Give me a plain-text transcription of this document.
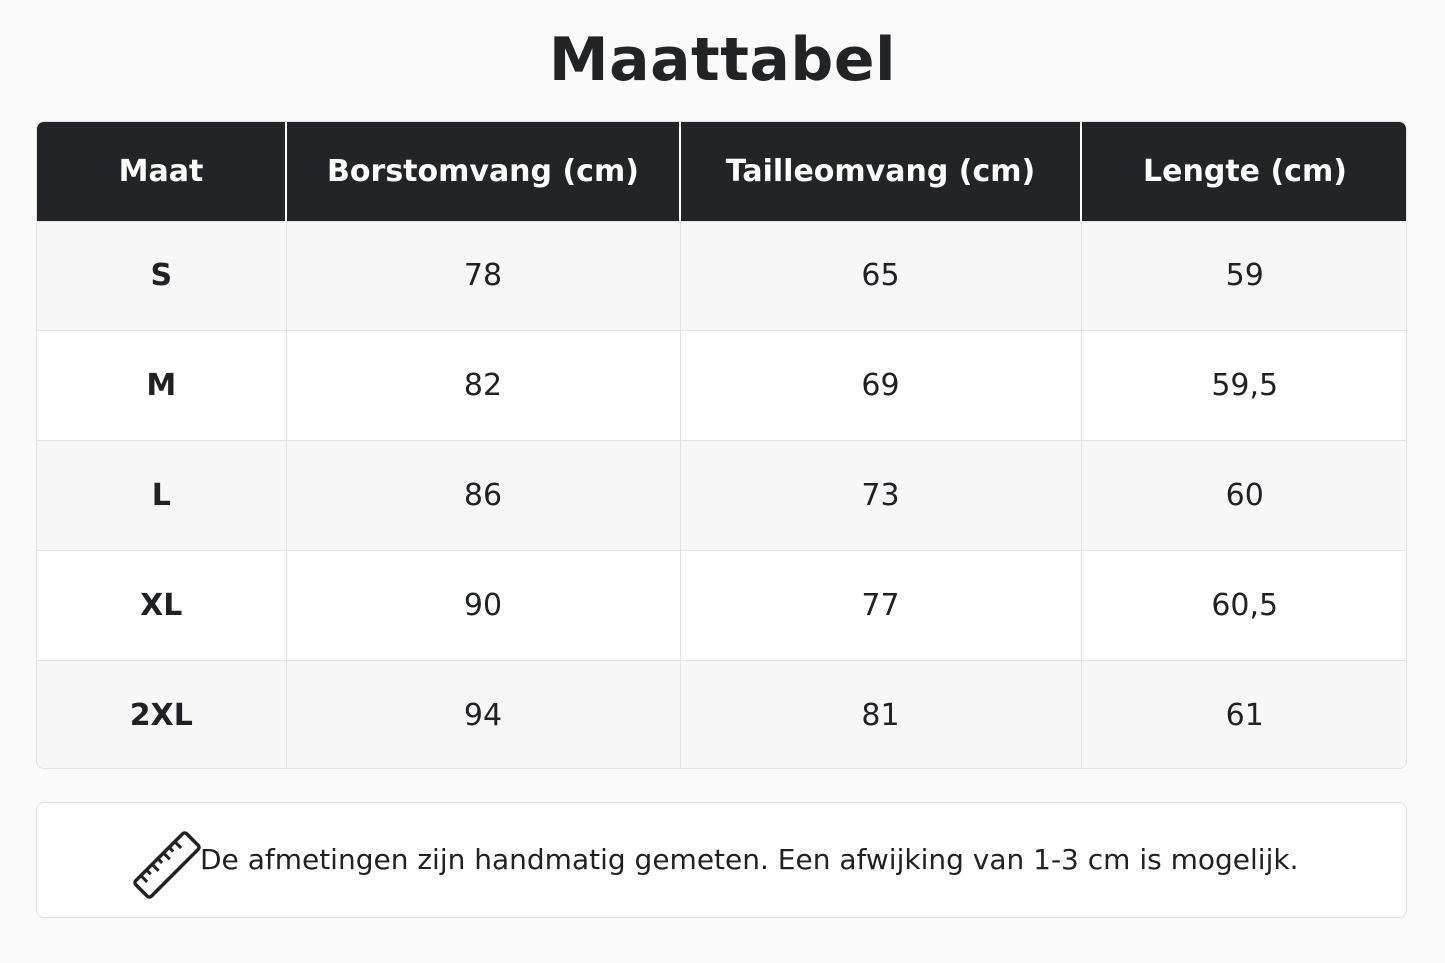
Maattabel
Maat	Borstomvang (cm)	Tailleomvang (cm)	Lengte (cm)
S	78	65	59
M	82	69	59,5
L	86	73	60
XL	90	77	60,5
2XL	94	81	61
De afmetingen zijn handmatig gemeten. Een afwijking van 1-3 cm is mogelijk.
